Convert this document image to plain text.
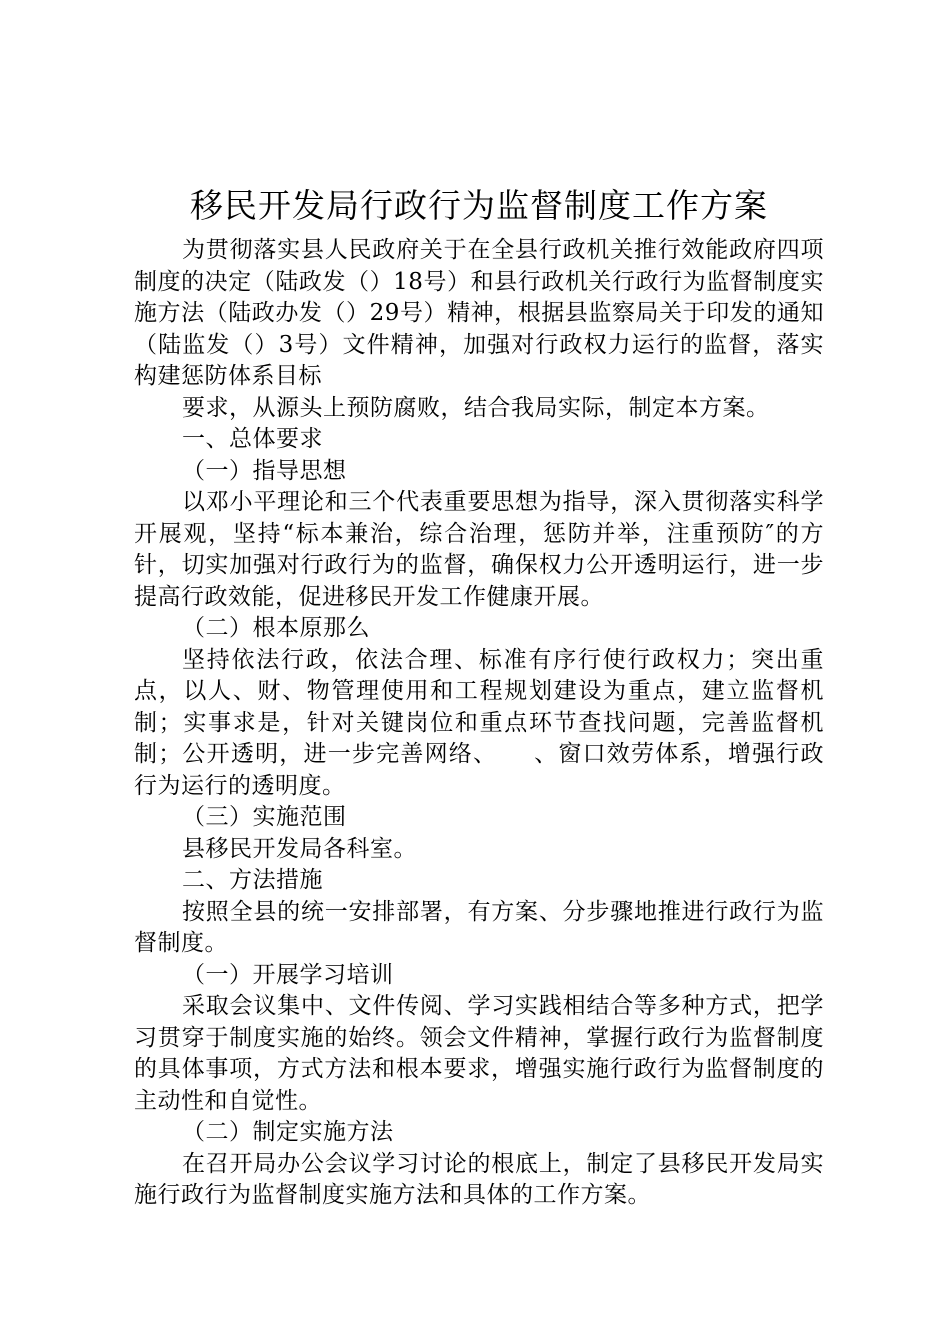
移民开发局行政行为监督制度工作方案

为贯彻落实县人民政府关于在全县行政机关推行效能政府四项制度的决定（陆政发（）18号）和县行政机关行政行为监督制度实施方法（陆政办发（）29号）精神，根据县监察局关于印发的通知（陆监发（）3号）文件精神，加强对行政权力运行的监督，落实构建惩防体系目标

要求，从源头上预防腐败，结合我局实际，制定本方案。

一、总体要求

（一）指导思想

以邓小平理论和三个代表重要思想为指导，深入贯彻落实科学开展观，坚持“标本兼治，综合治理，惩防并举，注重预防″的方针，切实加强对行政行为的监督，确保权力公开透明运行，进一步提高行政效能，促进移民开发工作健康开展。

（二）根本原那么

坚持依法行政，依法合理、标准有序行使行政权力；突出重点，以人、财、物管理使用和工程规划建设为重点，建立监督机制；实事求是，针对关键岗位和重点环节查找问题，完善监督机制；公开透明，进一步完善网络、　　、窗口效劳体系，增强行政行为运行的透明度。

（三）实施范围

县移民开发局各科室。

二、方法措施

按照全县的统一安排部署，有方案、分步骤地推进行政行为监督制度。

（一）开展学习培训

采取会议集中、文件传阅、学习实践相结合等多种方式，把学习贯穿于制度实施的始终。领会文件精神，掌握行政行为监督制度的具体事项，方式方法和根本要求，增强实施行政行为监督制度的主动性和自觉性。

（二）制定实施方法

在召开局办公会议学习讨论的根底上，制定了县移民开发局实施行政行为监督制度实施方法和具体的工作方案。
